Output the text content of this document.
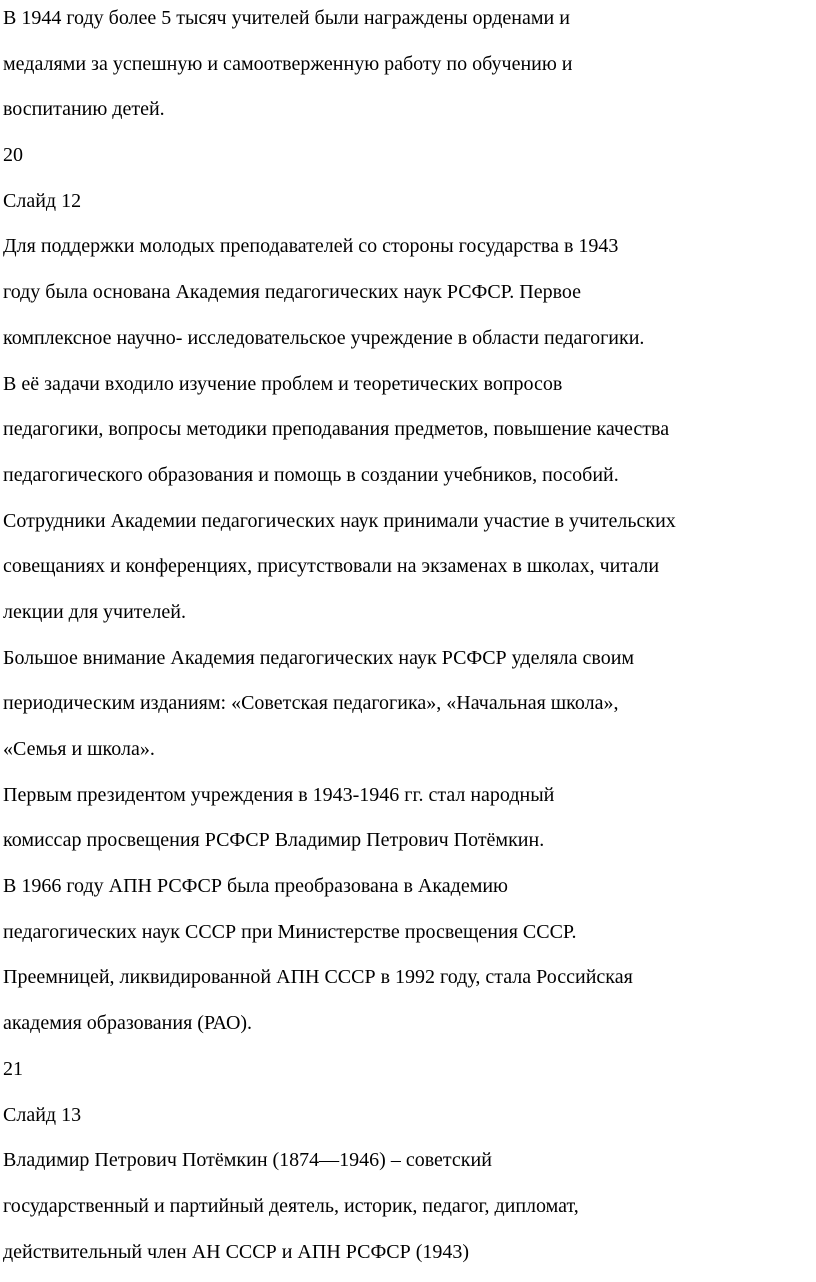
В 1944 году более 5 тысяч учителей были награждены орденами и

медалями за успешную и самоотверженную работу по обучению и

воспитанию детей.

20

Слайд 12

Для поддержки молодых преподавателей со стороны государства в 1943

году была основана Академия педагогических наук РСФСР. Первое

комплексное научно- исследовательское учреждение в области педагогики.

В её задачи входило изучение проблем и теоретических вопросов

педагогики, вопросы методики преподавания предметов, повышение качества

педагогического образования и помощь в создании учебников, пособий.

Сотрудники Академии педагогических наук принимали участие в учительских

совещаниях и конференциях, присутствовали на экзаменах в школах, читали

лекции для учителей.

Большое внимание Академия педагогических наук РСФСР уделяла своим

периодическим изданиям: «Советская педагогика», «Начальная школа»,

«Семья и школа».

Первым президентом учреждения в 1943-1946 гг. стал народный

комиссар просвещения РСФСР Владимир Петрович Потёмкин.

В 1966 году АПН РСФСР была преобразована в Академию

педагогических наук СССР при Министерстве просвещения СССР.

Преемницей, ликвидированной АПН СССР в 1992 году, стала Российская

академия образования (РАО).

21

Слайд 13

Владимир Петрович Потёмкин (1874—1946) – советский

государственный и партийный деятель, историк, педагог, дипломат,

действительный член АН СССР и АПН РСФСР (1943)
